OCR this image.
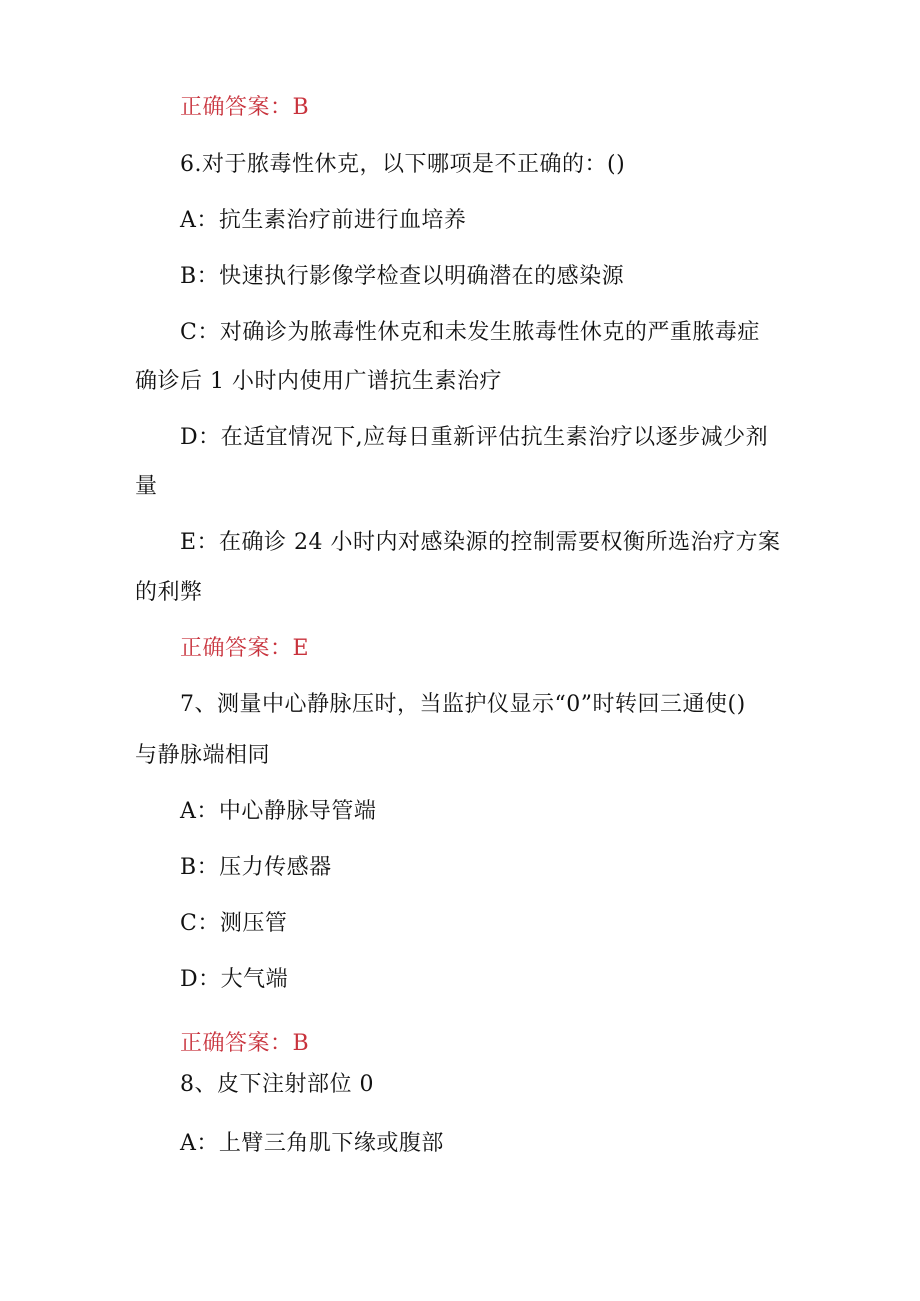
正确答案：B
6.对于脓毒性休克，以下哪项是不正确的：()
A：抗生素治疗前进行血培养
B：快速执行影像学检查以明确潜在的感染源
C：对确诊为脓毒性休克和未发生脓毒性休克的严重脓毒症
确诊后 1 小时内使用广谱抗生素治疗
D：在适宜情况下,应每日重新评估抗生素治疗以逐步减少剂
量
E：在确诊 24 小时内对感染源的控制需要权衡所选治疗方案
的利弊
正确答案：E
7、测量中心静脉压时，当监护仪显示“0”时转回三通使()
与静脉端相同
A：中心静脉导管端
B：压力传感器
C：测压管
D：大气端
正确答案：B
8、皮下注射部位 0
A：上臂三角肌下缘或腹部
